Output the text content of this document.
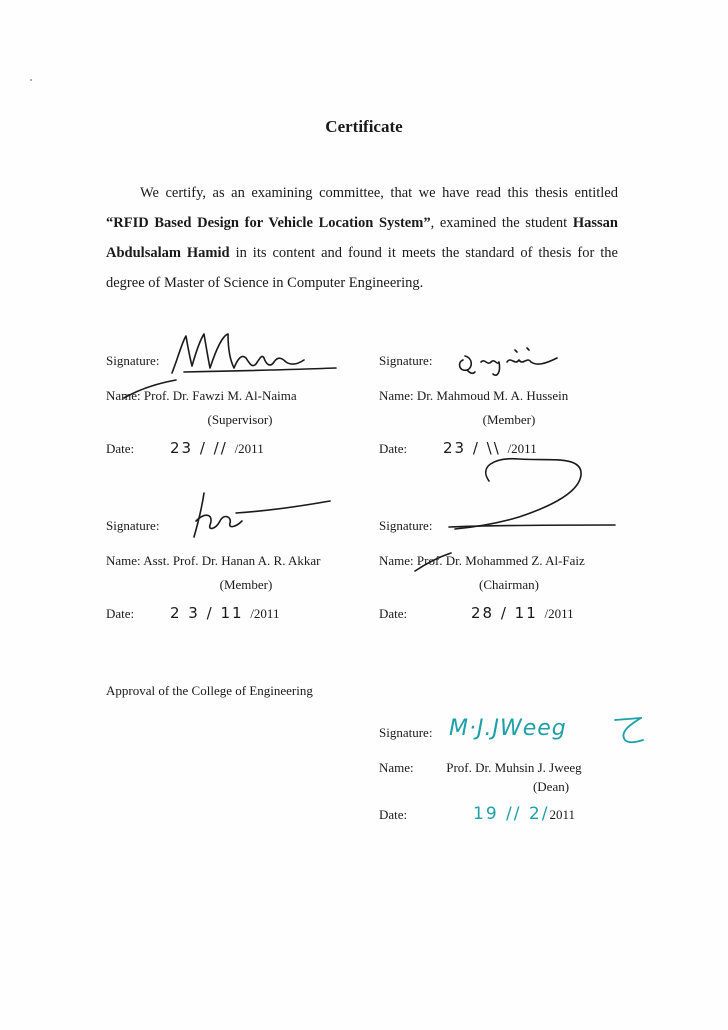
Certificate
We certify, as an examining committee, that we have read this thesis entitled “RFID Based Design for Vehicle Location System”, examined the student Hassan Abdulsalam Hamid in its content and found it meets the standard of thesis for the degree of Master of Science in Computer Engineering.
Signature:
Name: Prof. Dr. Fawzi M. Al-Naima
(Supervisor)
Date: 23 / // /2011
Signature:
Name: Dr. Mahmoud M. A. Hussein
(Member)
Date: 23 / \\ /2011
Signature:
Name: Asst. Prof. Dr. Hanan A. R. Akkar
(Member)
Date: 2 3 / 11 /2011
Signature:
Name: Prof. Dr. Mohammed Z. Al-Faiz
(Chairman)
Date:	28 / 11 /2011
Approval of the College of Engineering
Signature: M·J.JWeeg
Name:	Prof. Dr. Muhsin J. Jweeg
(Dean)
Date:	19 // 2/2011
